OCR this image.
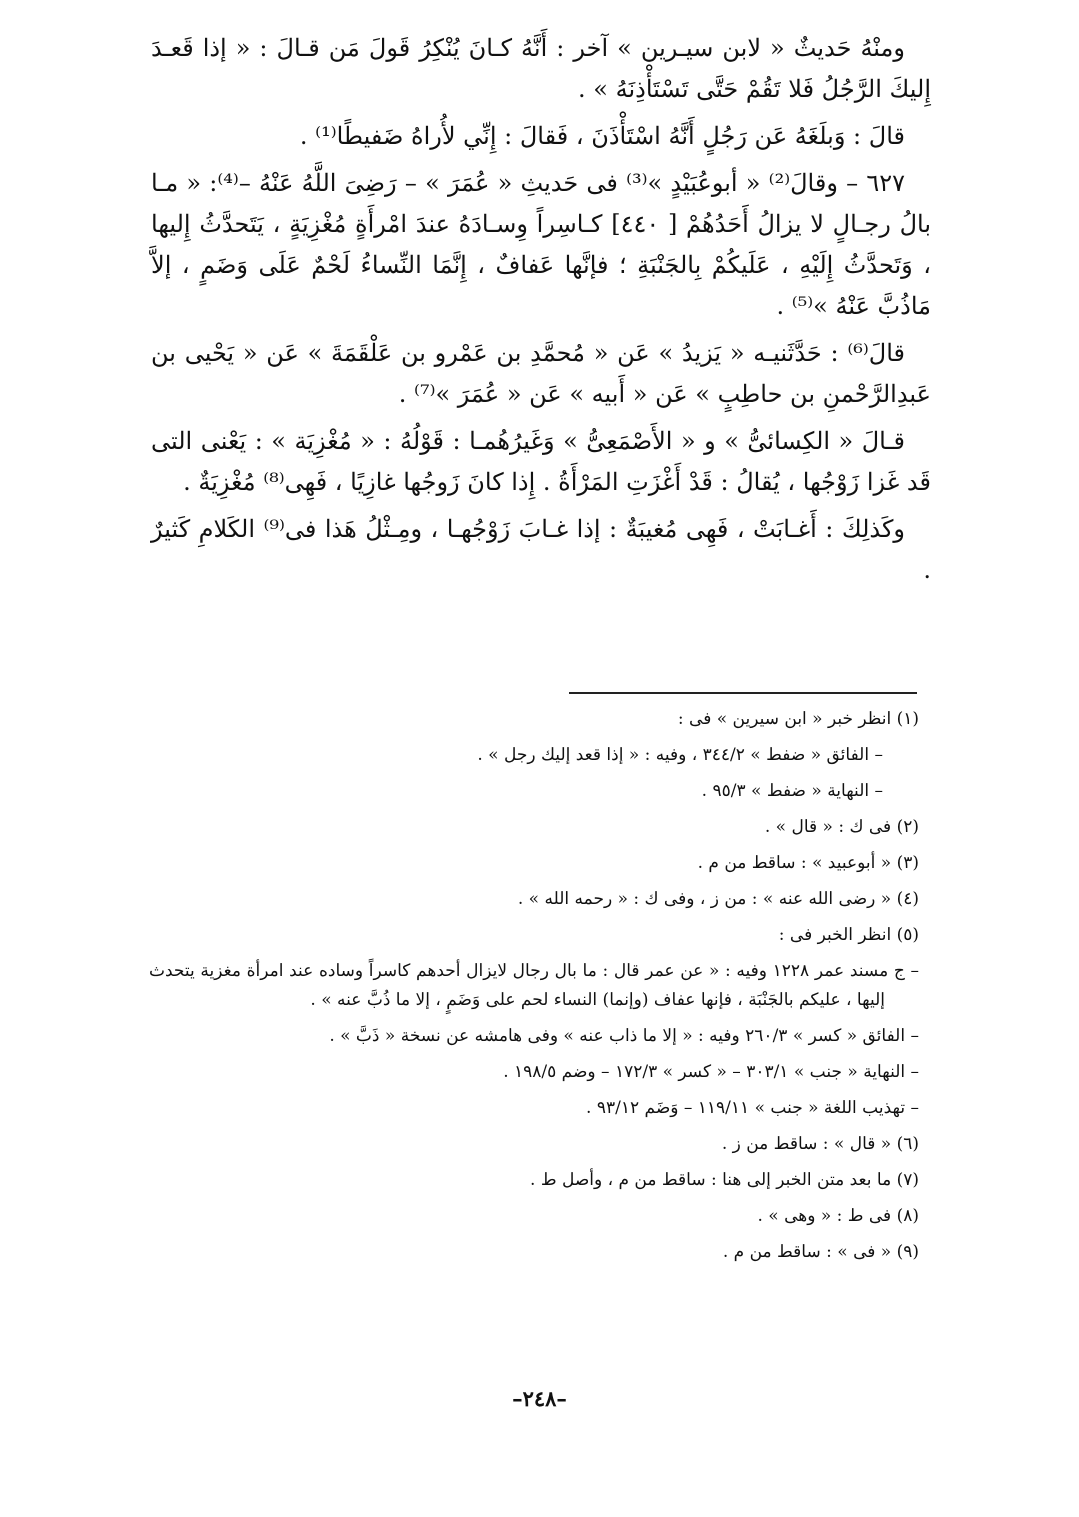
ومنْهُ حَديثٌ « لابن سيـرين » آخر : أَنَّهُ كـانَ يُنْكِرُ قَولَ مَن قـالَ : « إذا قَعـدَ إِليكَ الرَّجُلُ فَلا تَقُمْ حَتَّى تَسْتَأْذِنَهُ » .

قالَ : وَبلَغَهُ عَن رَجُلٍ أَنَّهُ اسْتَأْذَنَ ، فَقالَ : إِنِّي لأُراهُ ضَفيطًا⁽¹⁾ .

٦٢٧ – وقالَ⁽²⁾ « أبوعُبَيْدٍ »⁽³⁾ فى حَديثِ « عُمَرَ » – رَضِىَ اللَّهُ عَنْهُ –⁽⁴⁾: « مـا بالُ رجـالٍ لا يزالُ أَحَدُهُمْ [ ٤٤٠] كـاسِراً وِسـادَهُ عندَ امْرأَةٍ مُغْزِيَةٍ ، يَتَحدَّثُ إِليها ، وَتَحدَّثُ إِلَيْهِ ، عَلَيكُمْ بِالجَنْبَةِ ؛ فإنَّها عَفافٌ ، إِنَّمَا النِّساءُ لَحْمٌ عَلَى وَضَمٍ ، إلاَّ مَاذُبَّ عَنْهُ »⁽⁵⁾ .

قالَ⁽⁶⁾ : حَدَّثَنيـه « يَزيدُ » عَن « مُحمَّدِ بن عَمْرو بن عَلْقَمَةَ » عَن « يَحْيى بن عَبدِالرَّحْمنِ بن حاطِبٍ » عَن « أَبيه » عَن « عُمَرَ »⁽⁷⁾ .

قـالَ « الكِسائىُّ » و « الأَصْمَعِىُّ » وَغَيرُهُمـا : قَوْلُهُ : « مُغْزِيَة » : يَعْنى التى قَد غَزا زَوْجُها ، يُقالُ : قَدْ أَغْزَتِ المَرْأَةُ . إِذا كانَ زَوجُها غازِيًا ، فَهِى⁽⁸⁾ مُغْزِيَةٌ .

وكَذلِكَ : أَغـابَتْ ، فَهِى مُغيبَةٌ : إذا غـابَ زَوْجُهـا ، ومِـثْلُ هَذا فى⁽⁹⁾ الكَلامِ كَثيرٌ .

(١) انظر خبر « ابن سيرين » فى :

– الفائق « ضفط » ٣٤٤/٢ ، وفيه : « إذا قعد إليك رجل » .

– النهاية « ضفط » ٩٥/٣ .

(٢) فى ك : « قال » .

(٣) « أبوعبيد » : ساقط من م .

(٤) « رضى الله عنه » : من ز ، وفى ك : « رحمه الله » .

(٥) انظر الخبر فى :

– ج مسند عمر ١٢٢٨ وفيه : « عن عمر قال : ما بال رجال لايزال أحدهم كاسراً وساده عند امرأة مغزية يتحدث إليها ، عليكم بالجَنْبَة ، فإنها عفاف (وإنما) النساء لحم على وَضَمٍ ، إلا ما ذُبَّ عنه » .

– الفائق « كسر » ٢٦٠/٣ وفيه : « إلا ما ذاب عنه » وفى هامشه عن نسخة « ذَبَّ » .

– النهاية « جنب » ٣٠٣/١ – « كسر » ١٧٢/٣ – وضم ١٩٨/٥ .

– تهذيب اللغة « جنب » ١١٩/١١ – وَضَم ٩٣/١٢ .

(٦) « قال » : ساقط من ز .

(٧) ما بعد متن الخبر إلى هنا : ساقط من م ، وأصل ط .

(٨) فى ط : « وهى » .

(٩) « فى » : ساقط من م .

–٢٤٨–
